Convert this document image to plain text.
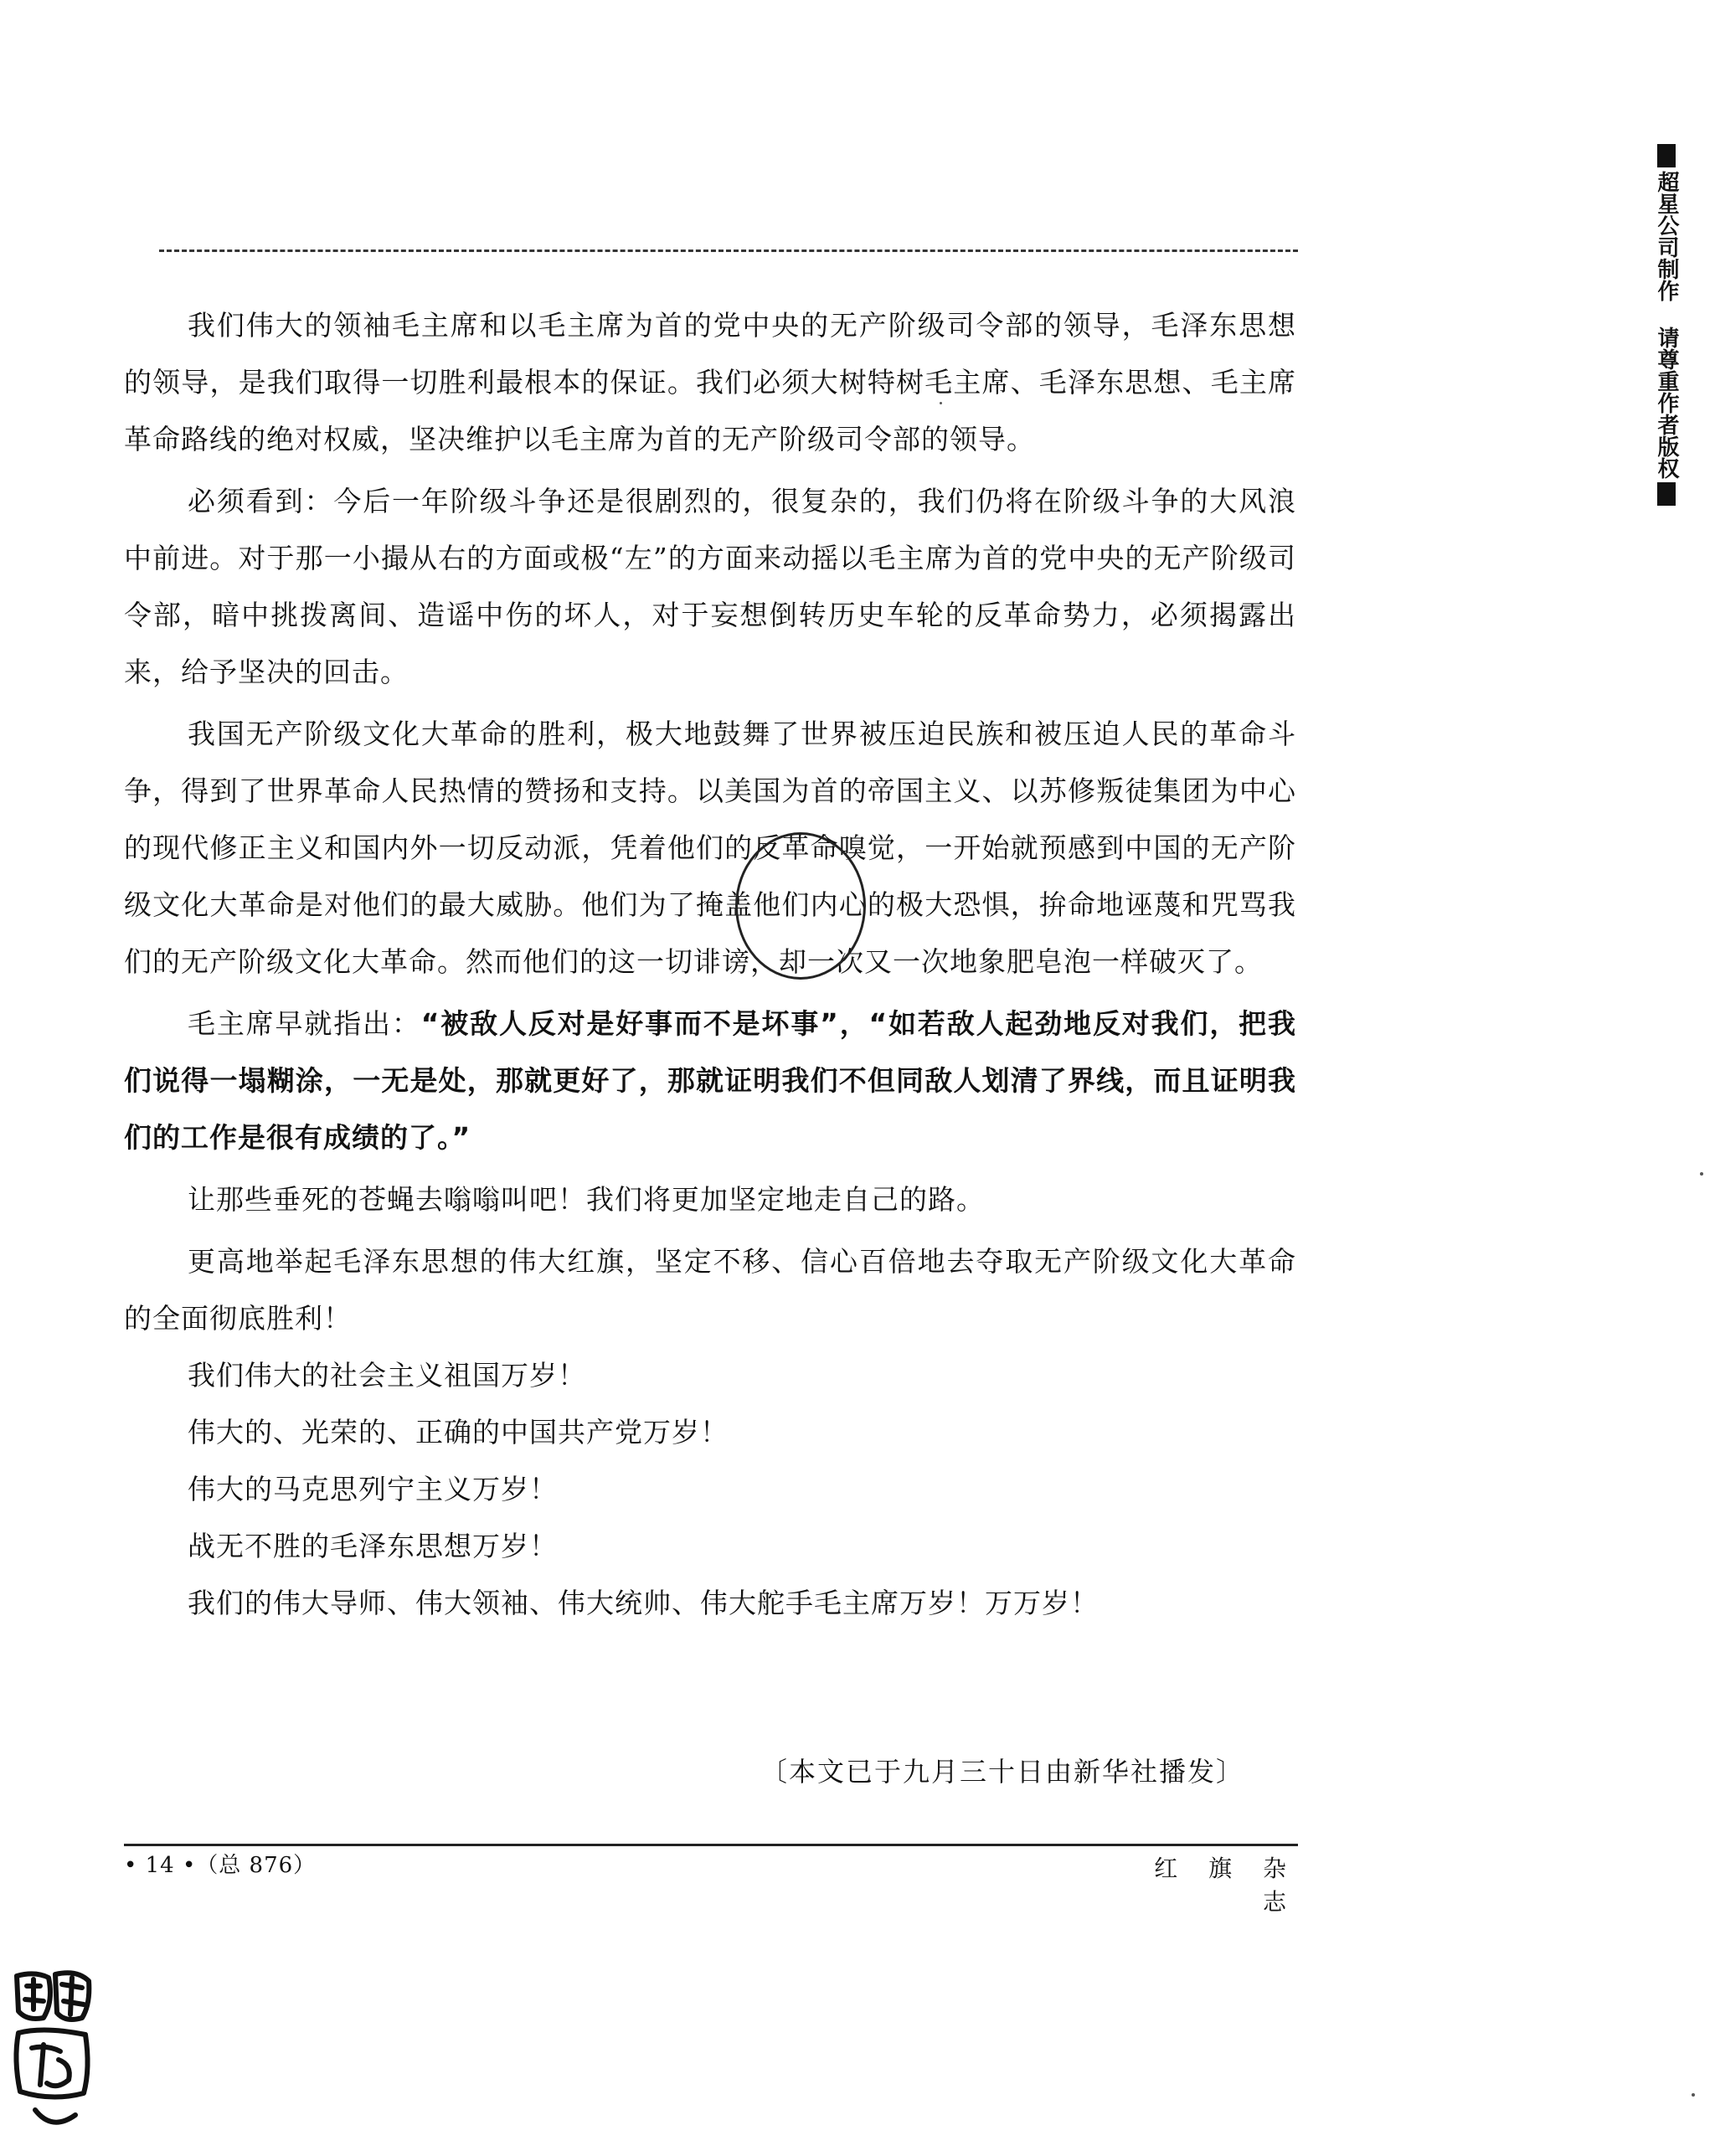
我们伟大的领袖毛主席和以毛主席为首的党中央的无产阶级司令部的领导，毛泽东思想的领导，是我们取得一切胜利最根本的保证。我们必须大树特树毛主席、毛泽东思想、毛主席革命路线的绝对权威，坚决维护以毛主席为首的无产阶级司令部的领导。

必须看到：今后一年阶级斗争还是很剧烈的，很复杂的，我们仍将在阶级斗争的大风浪中前进。对于那一小撮从右的方面或极“左”的方面来动摇以毛主席为首的党中央的无产阶级司令部，暗中挑拨离间、造谣中伤的坏人，对于妄想倒转历史车轮的反革命势力，必须揭露出来，给予坚决的回击。

我国无产阶级文化大革命的胜利，极大地鼓舞了世界被压迫民族和被压迫人民的革命斗争，得到了世界革命人民热情的赞扬和支持。以美国为首的帝国主义、以苏修叛徒集团为中心的现代修正主义和国内外一切反动派，凭着他们的反革命嗅觉，一开始就预感到中国的无产阶级文化大革命是对他们的最大威胁。他们为了掩盖他们内心的极大恐惧，拚命地诬蔑和咒骂我们的无产阶级文化大革命。然而他们的这一切诽谤，却一次又一次地象肥皂泡一样破灭了。

毛主席早就指出：“被敌人反对是好事而不是坏事”，“如若敌人起劲地反对我们，把我们说得一塌糊涂，一无是处，那就更好了，那就证明我们不但同敌人划清了界线，而且证明我们的工作是很有成绩的了。”

让那些垂死的苍蝇去嗡嗡叫吧！我们将更加坚定地走自己的路。

更高地举起毛泽东思想的伟大红旗，坚定不移、信心百倍地去夺取无产阶级文化大革命的全面彻底胜利！

我们伟大的社会主义祖国万岁！

伟大的、光荣的、正确的中国共产党万岁！

伟大的马克思列宁主义万岁！

战无不胜的毛泽东思想万岁！

我们的伟大导师、伟大领袖、伟大统帅、伟大舵手毛主席万岁！万万岁！

〔本文已于九月三十日由新华社播发〕
• 14 •（总 876）	红 旗 杂 志
超星公司制作 请尊重作者版权
